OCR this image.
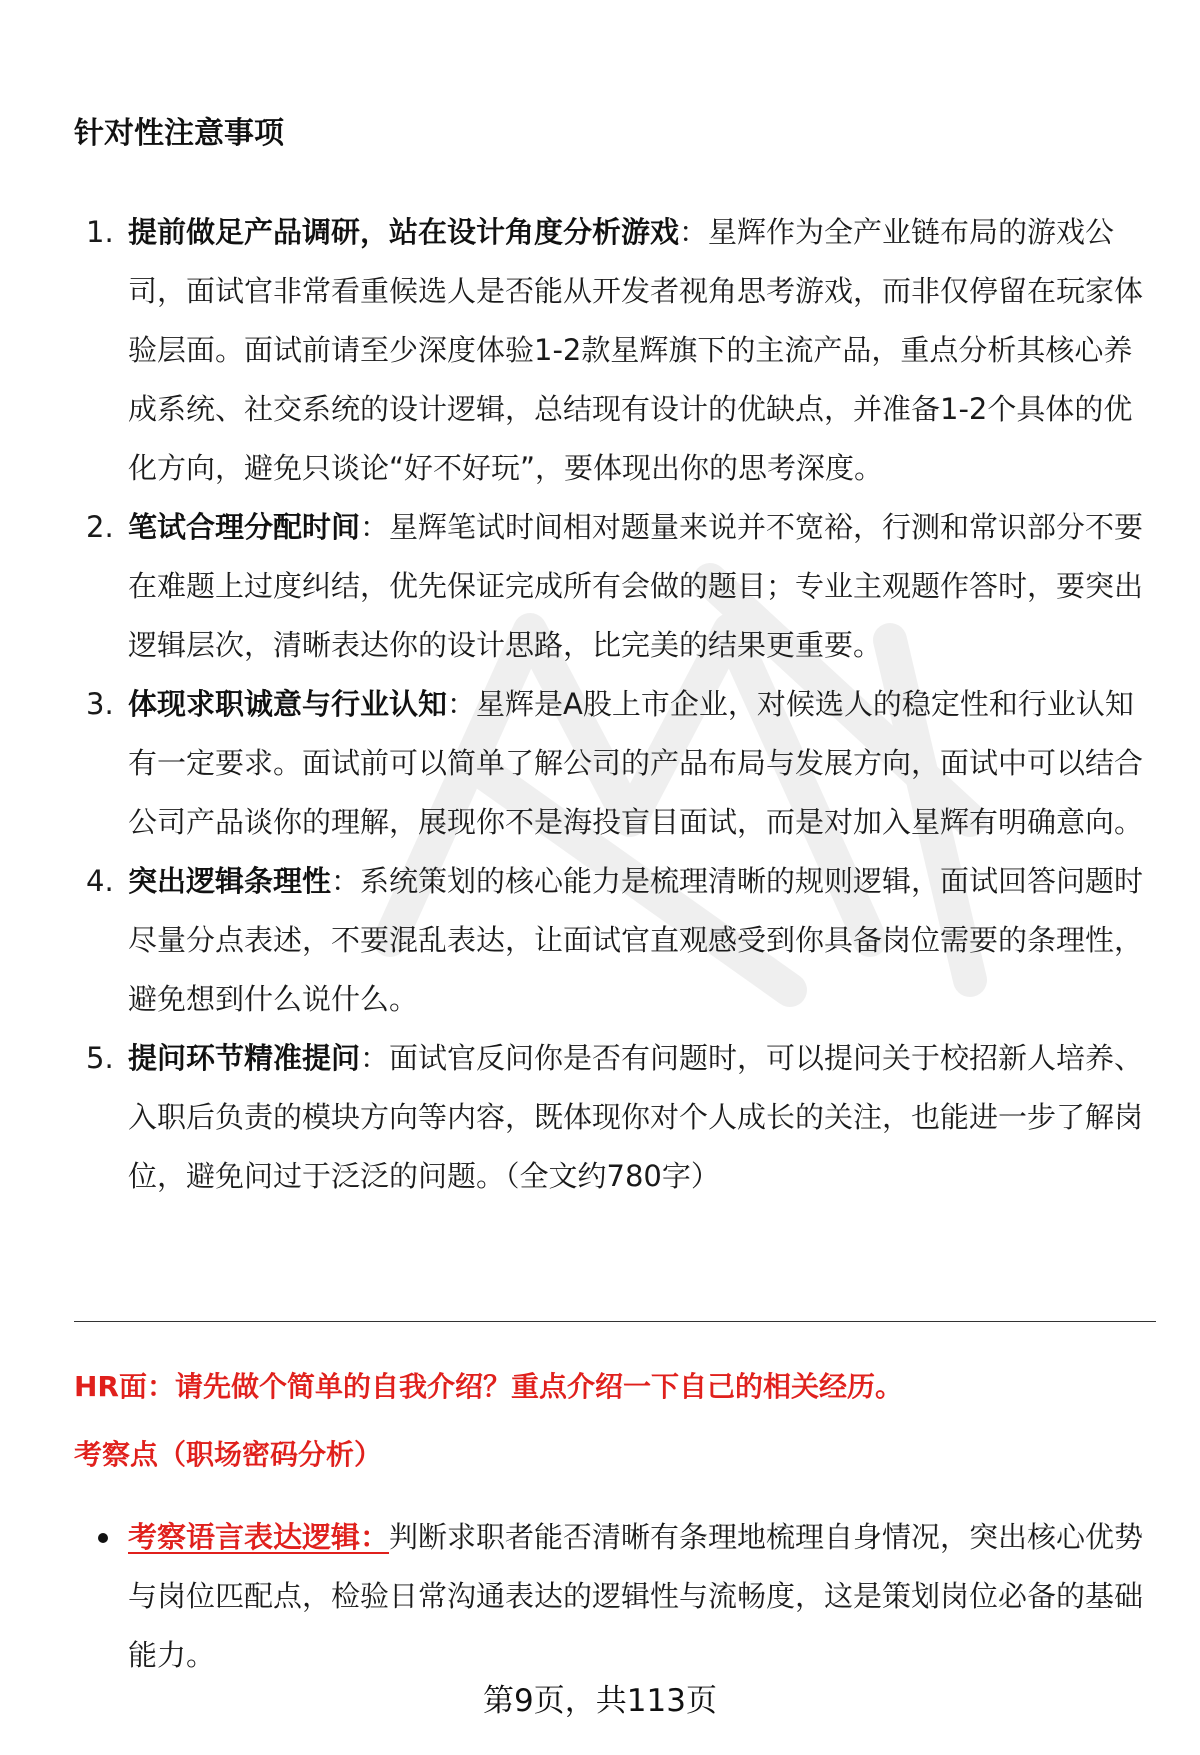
针对性注意事项
1. 提前做足产品调研，站在设计角度分析游戏：星辉作为全产业链布局的游戏公司，面试官非常看重候选人是否能从开发者视角思考游戏，而非仅停留在玩家体验层面。面试前请至少深度体验1-2款星辉旗下的主流产品，重点分析其核心养成系统、社交系统的设计逻辑，总结现有设计的优缺点，并准备1-2个具体的优化方向，避免只谈论“好不好玩”，要体现出你的思考深度。
2. 笔试合理分配时间：星辉笔试时间相对题量来说并不宽裕，行测和常识部分不要在难题上过度纠结，优先保证完成所有会做的题目；专业主观题作答时，要突出逻辑层次，清晰表达你的设计思路，比完美的结果更重要。
3. 体现求职诚意与行业认知：星辉是A股上市企业，对候选人的稳定性和行业认知有一定要求。面试前可以简单了解公司的产品布局与发展方向，面试中可以结合公司产品谈你的理解，展现你不是海投盲目面试，而是对加入星辉有明确意向。
4. 突出逻辑条理性：系统策划的核心能力是梳理清晰的规则逻辑，面试回答问题时尽量分点表述，不要混乱表达，让面试官直观感受到你具备岗位需要的条理性，避免想到什么说什么。
5. 提问环节精准提问：面试官反问你是否有问题时，可以提问关于校招新人培养、入职后负责的模块方向等内容，既体现你对个人成长的关注，也能进一步了解岗位，避免问过于泛泛的问题。（全文约780字）
HR面：请先做个简单的自我介绍？重点介绍一下自己的相关经历。
考察点（职场密码分析）
考察语言表达逻辑：判断求职者能否清晰有条理地梳理自身情况，突出核心优势与岗位匹配点，检验日常沟通表达的逻辑性与流畅度，这是策划岗位必备的基础能力。

第9页，共113页
